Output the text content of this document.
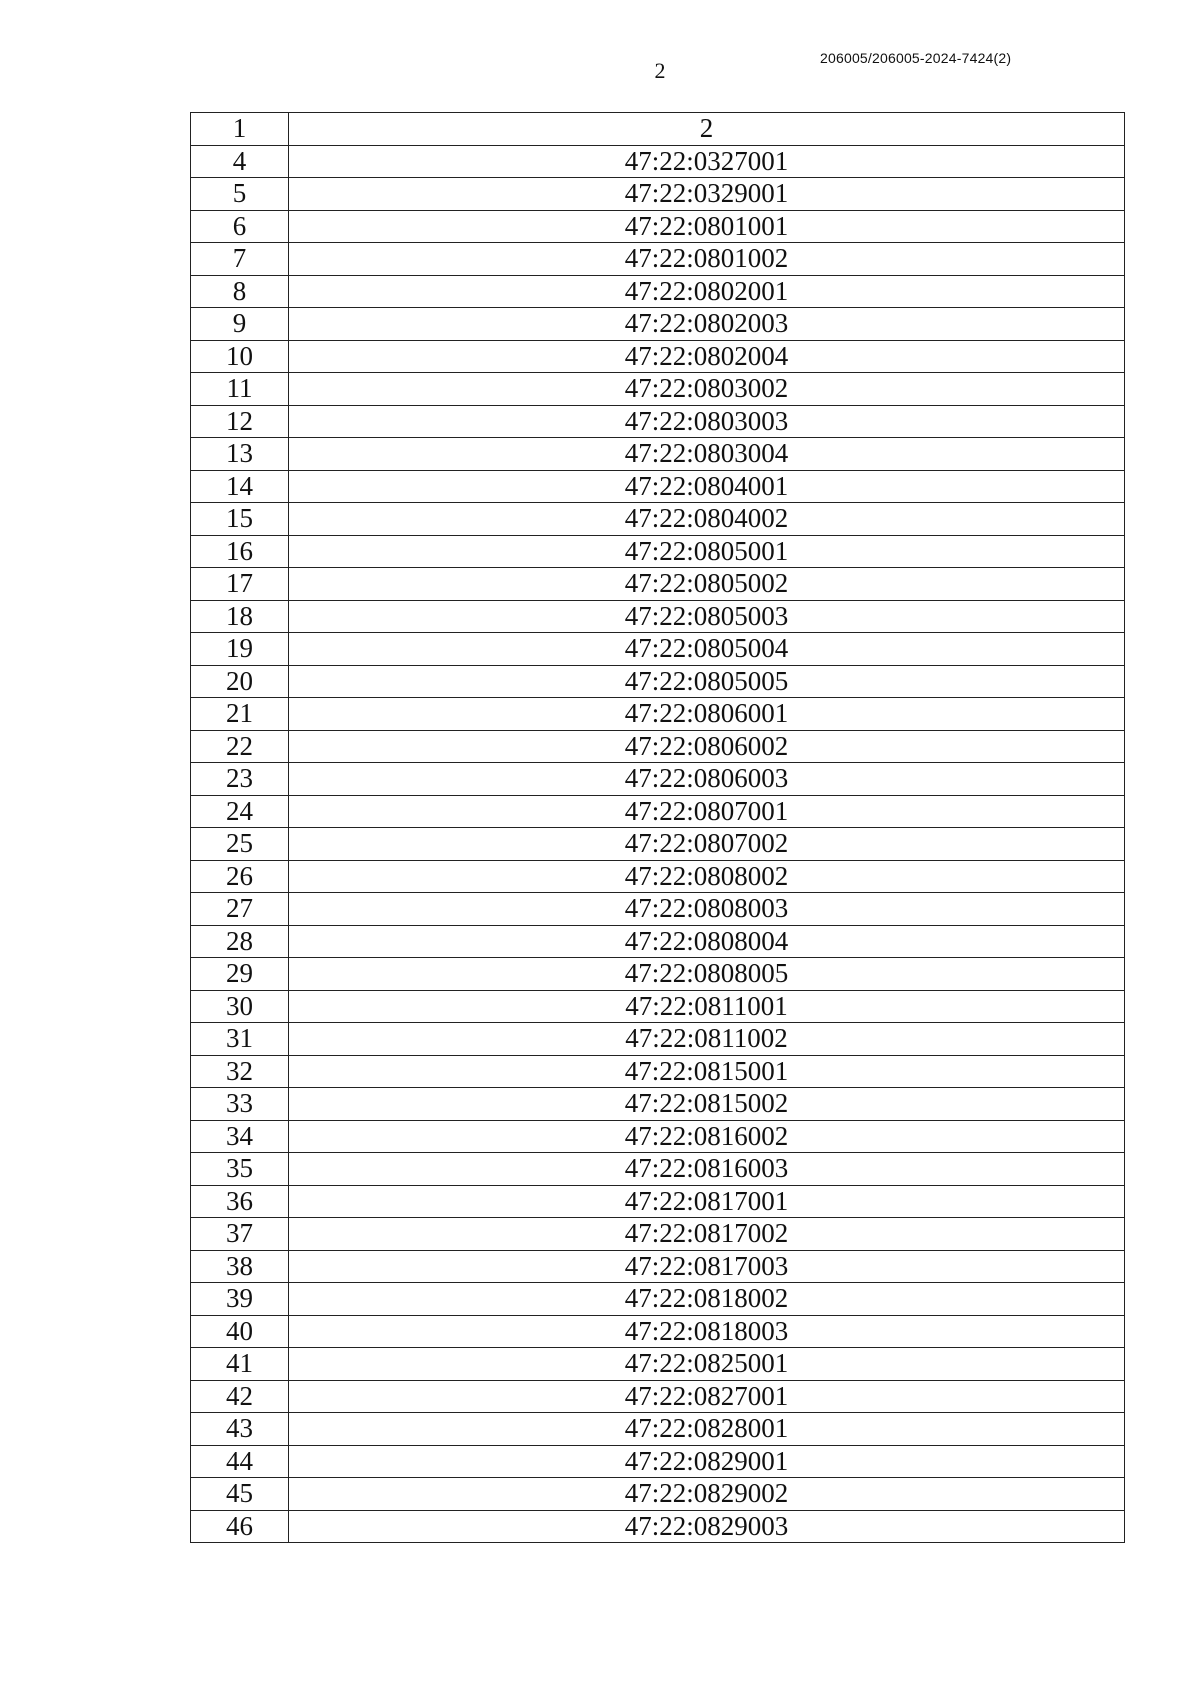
206005/206005-2024-7424(2)
2
1	2
4	47:22:0327001
5	47:22:0329001
6	47:22:0801001
7	47:22:0801002
8	47:22:0802001
9	47:22:0802003
10	47:22:0802004
11	47:22:0803002
12	47:22:0803003
13	47:22:0803004
14	47:22:0804001
15	47:22:0804002
16	47:22:0805001
17	47:22:0805002
18	47:22:0805003
19	47:22:0805004
20	47:22:0805005
21	47:22:0806001
22	47:22:0806002
23	47:22:0806003
24	47:22:0807001
25	47:22:0807002
26	47:22:0808002
27	47:22:0808003
28	47:22:0808004
29	47:22:0808005
30	47:22:0811001
31	47:22:0811002
32	47:22:0815001
33	47:22:0815002
34	47:22:0816002
35	47:22:0816003
36	47:22:0817001
37	47:22:0817002
38	47:22:0817003
39	47:22:0818002
40	47:22:0818003
41	47:22:0825001
42	47:22:0827001
43	47:22:0828001
44	47:22:0829001
45	47:22:0829002
46	47:22:0829003
